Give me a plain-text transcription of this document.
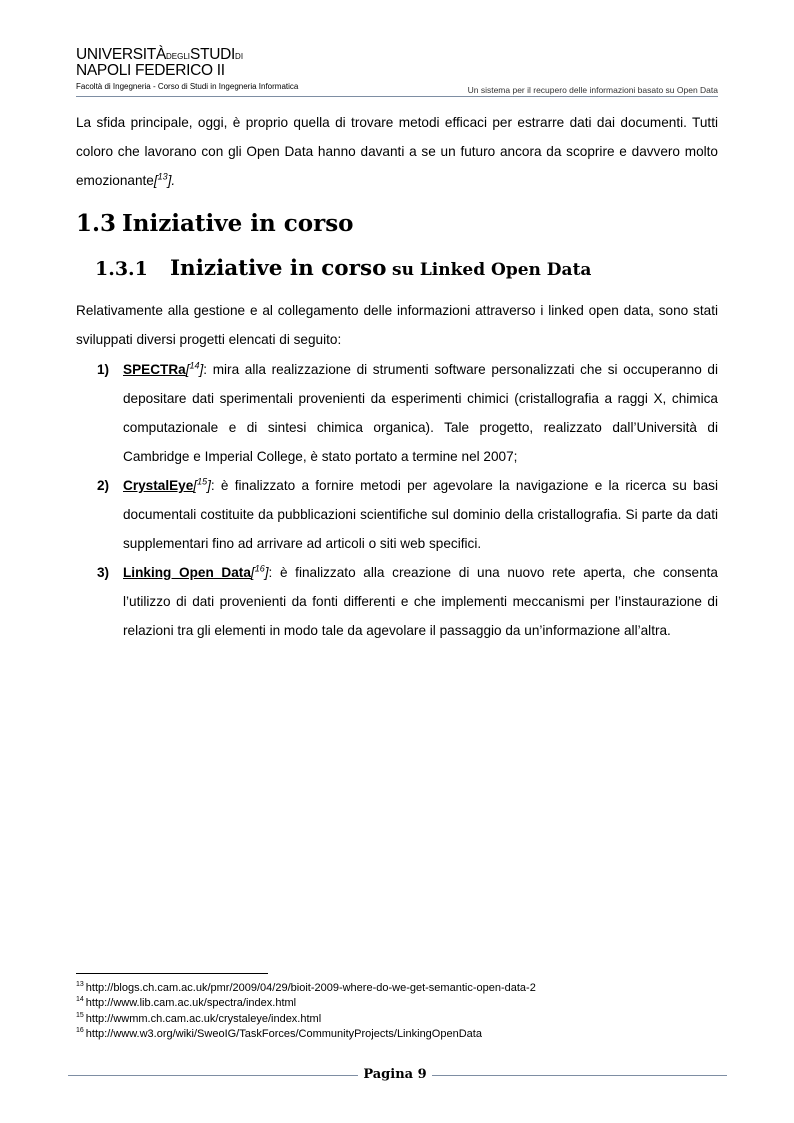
UNIVERSITÀDEGLISTUDIDI
NAPOLI FEDERICO II
Facoltà di Ingegneria - Corso di Studi in Ingegneria Informatica	Un sistema per il recupero delle informazioni basato su Open Data
La sfida principale, oggi, è proprio quella di trovare metodi efficaci per estrarre dati dai documenti. Tutti coloro che lavorano con gli Open Data hanno davanti a se un futuro ancora da scoprire e davvero molto emozionante[$^{13}$].
1.3 Iniziative in corso
1.3.1 Iniziative in corso su Linked Open Data
Relativamente alla gestione e al collegamento delle informazioni attraverso i linked open data, sono stati sviluppati diversi progetti elencati di seguito:
1) SPECTRa[$^{14}$]: mira alla realizzazione di strumenti software personalizzati che si occuperanno di depositare dati sperimentali provenienti da esperimenti chimici (cristallografia a raggi X, chimica computazionale e di sintesi chimica organica). Tale progetto, realizzato dall’Università di Cambridge e Imperial College, è stato portato a termine nel 2007;
2) CrystalEye[$^{15}$]: è finalizzato a fornire metodi per agevolare la navigazione e la ricerca su basi documentali costituite da pubblicazioni scientifiche sul dominio della cristallografia. Si parte da dati supplementari fino ad arrivare ad articoli o siti web specifici.
3) Linking Open Data[$^{16}$]: è finalizzato alla creazione di una nuovo rete aperta, che consenta l’utilizzo di dati provenienti da fonti differenti e che implementi meccanismi per l’instaurazione di relazioni tra gli elementi in modo tale da agevolare il passaggio da un’informazione all’altra.
$^{13}$ http://blogs.ch.cam.ac.uk/pmr/2009/04/29/bioit-2009-where-do-we-get-semantic-open-data-2
$^{14}$ http://www.lib.cam.ac.uk/spectra/index.html
$^{15}$ http://wwmm.ch.cam.ac.uk/crystaleye/index.html
$^{16}$ http://www.w3.org/wiki/SweoIG/TaskForces/CommunityProjects/LinkingOpenData
Pagina 9
